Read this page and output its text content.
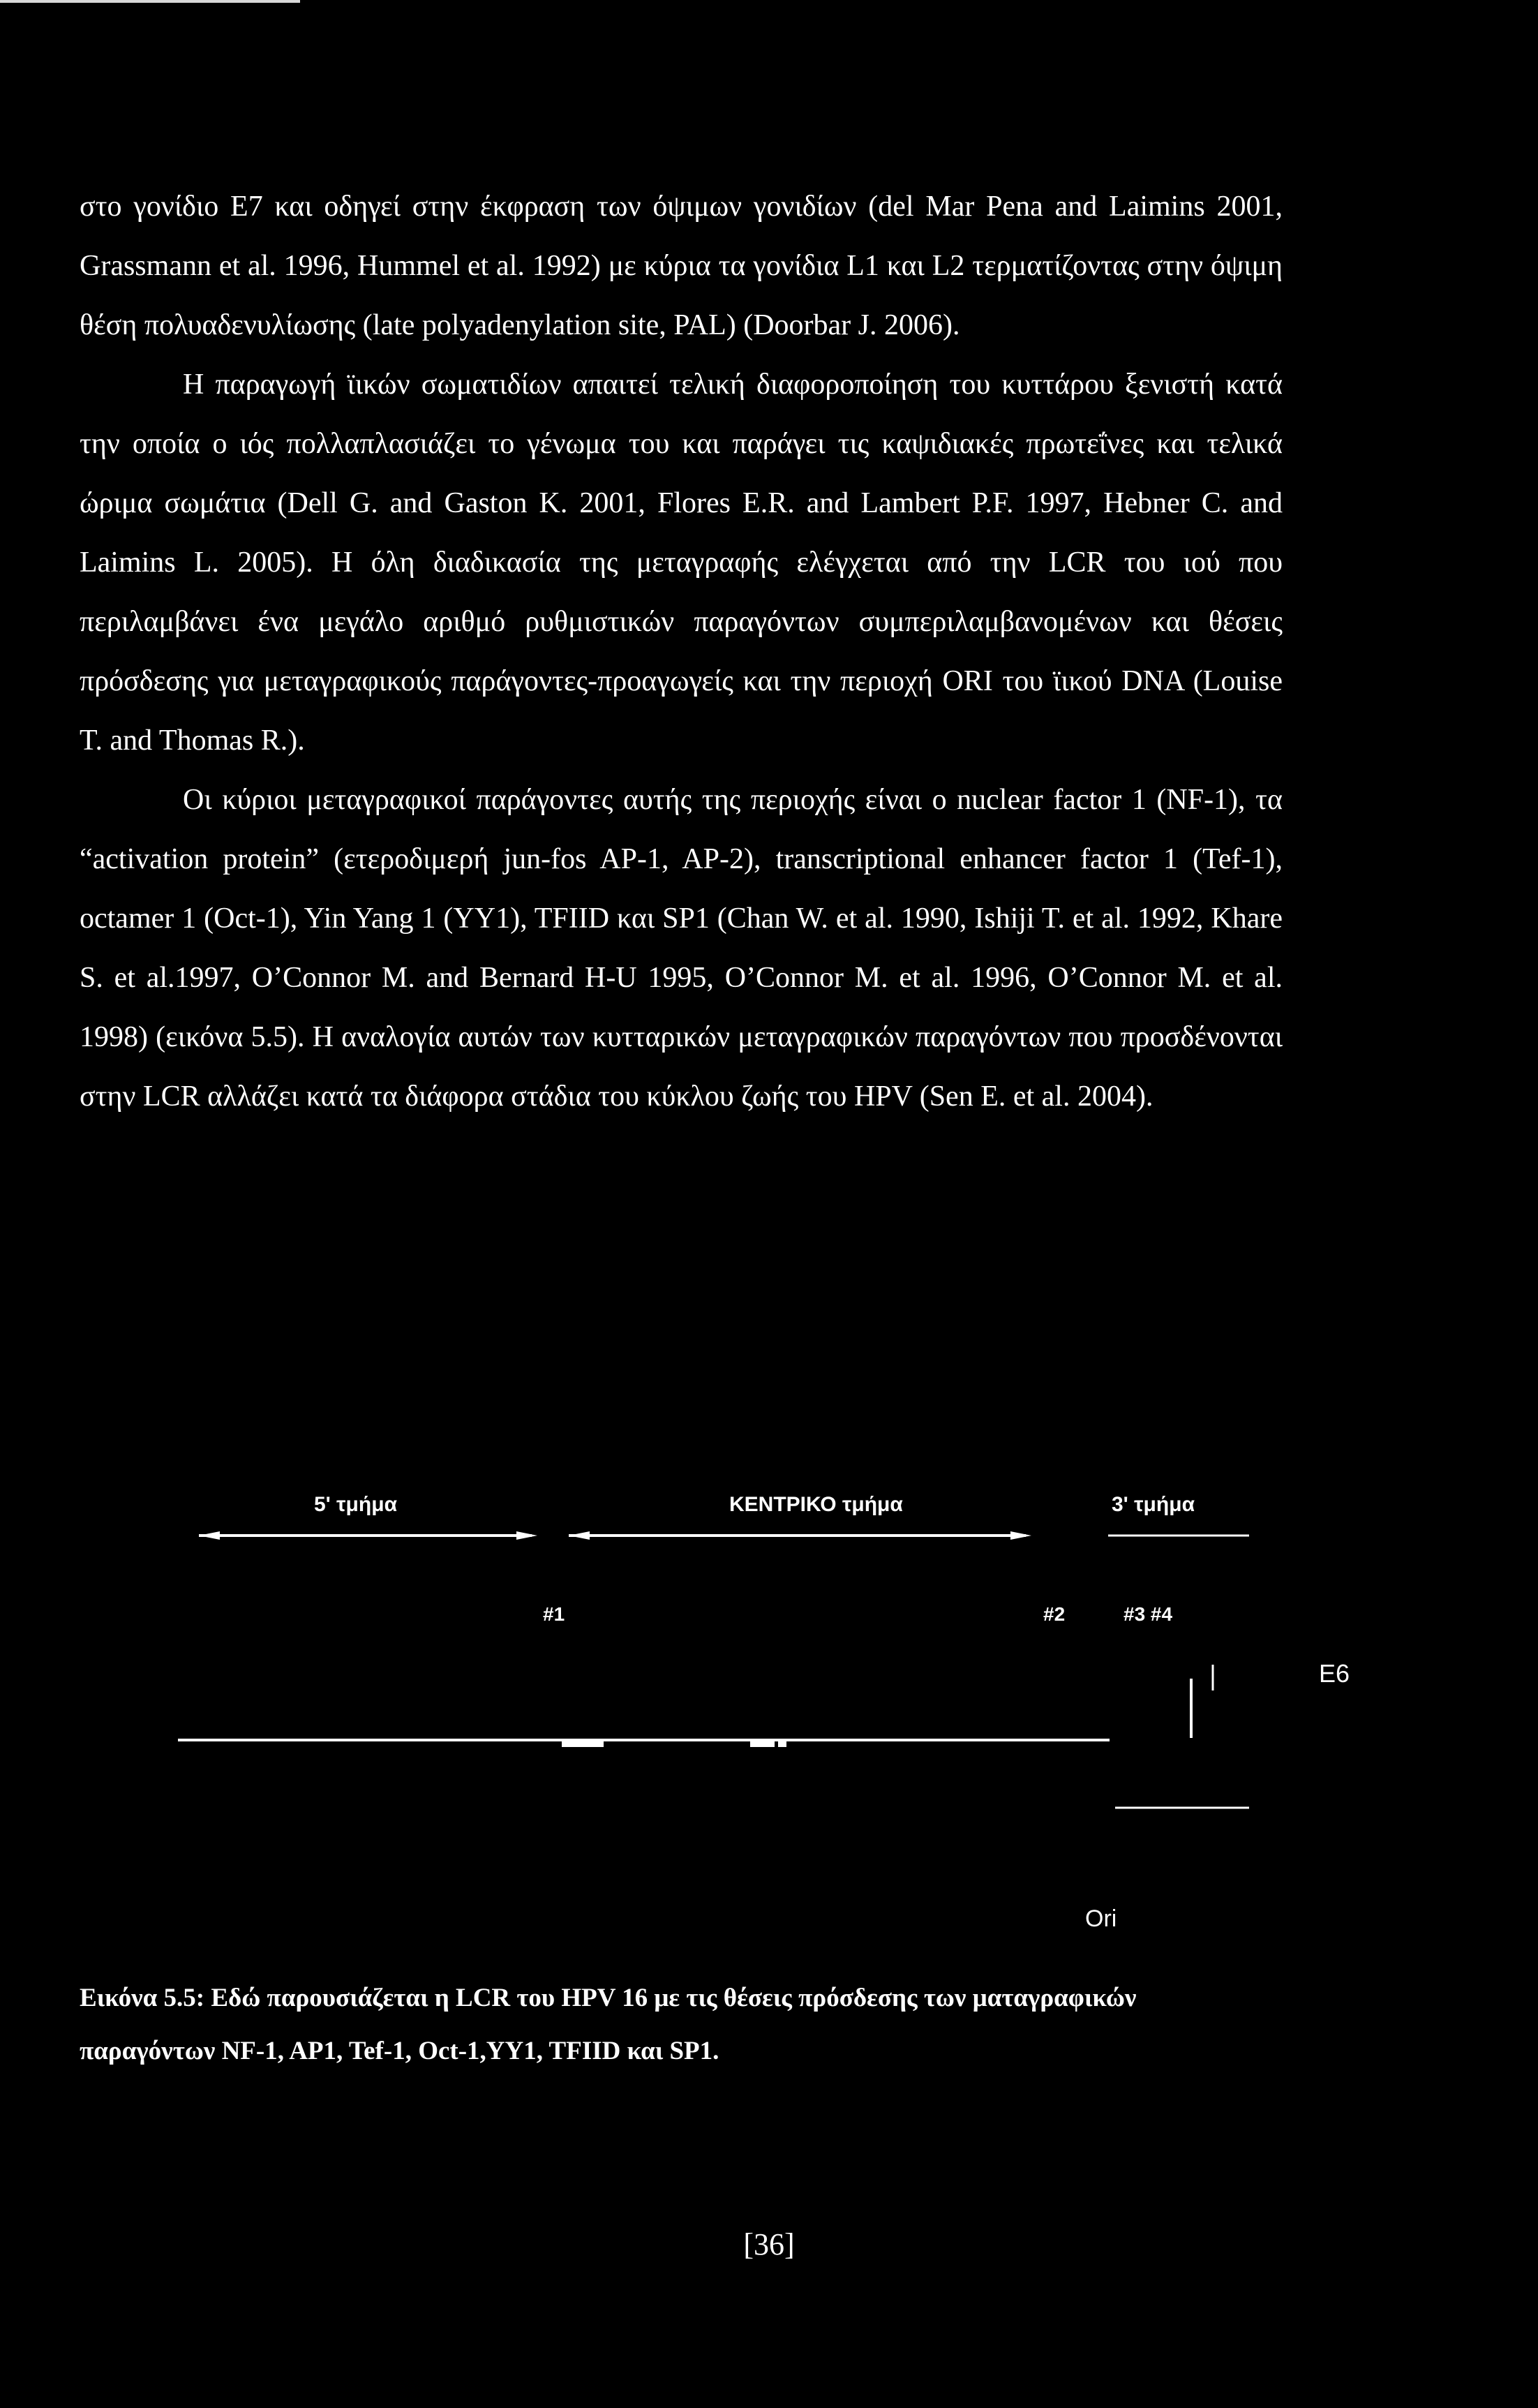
στο γονίδιο E7 και οδηγεί στην έκφραση των όψιμων γονιδίων (del Mar Pena and Laimins 2001, Grassmann et al. 1996, Hummel et al. 1992) με κύρια τα γονίδια L1 και L2 τερματίζοντας στην όψιμη θέση πολυαδενυλίωσης (late polyadenylation site, PAL) (Doorbar J. 2006).

Η παραγωγή ϊικών σωματιδίων απαιτεί τελική διαφοροποίηση του κυττάρου ξενιστή κατά την οποία ο ιός πολλαπλασιάζει το γένωμα του και παράγει τις καψιδιακές πρωτεΐνες και τελικά ώριμα σωμάτια (Dell G. and Gaston K. 2001, Flores E.R. and Lambert P.F. 1997, Hebner C. and Laimins L. 2005). Η όλη διαδικασία της μεταγραφής ελέγχεται από την LCR του ιού που περιλαμβάνει ένα μεγάλο αριθμό ρυθμιστικών παραγόντων συμπεριλαμβανομένων και θέσεις πρόσδεσης για μεταγραφικούς παράγοντες-προαγωγείς και την περιοχή ORI του ϊικού DNA (Louise T. and Thomas R.).

Οι κύριοι μεταγραφικοί παράγοντες αυτής της περιοχής είναι ο nuclear factor 1 (NF-1), τα “activation protein” (ετεροδιμερή jun-fos AP-1, AP-2), transcriptional enhancer factor 1 (Tef-1), octamer 1 (Oct-1), Yin Yang 1 (YY1), TFIID και SP1 (Chan W. et al. 1990, Ishiji T. et al. 1992, Khare S. et al.1997, O’Connor M. and Bernard H-U 1995, O’Connor M. et al. 1996, O’Connor M. et al. 1998) (εικόνα 5.5). Η αναλογία αυτών των κυτταρικών μεταγραφικών παραγόντων που προσδένονται στην LCR αλλάζει κατά τα διάφορα στάδια του κύκλου ζωής του HPV (Sen E. et al. 2004).

5' τμήμα	ΚΕΝΤΡΙΚΟ τμήμα	3' τμήμα
#1	#2	#3 #4
E6
Ori
Εικόνα 5.5: Εδώ παρουσιάζεται η LCR του HPV 16 με τις θέσεις πρόσδεσης των ματαγραφικών
παραγόντων NF-1, AP1, Tef-1, Oct-1,YY1, TFIID και SP1.
[36]
